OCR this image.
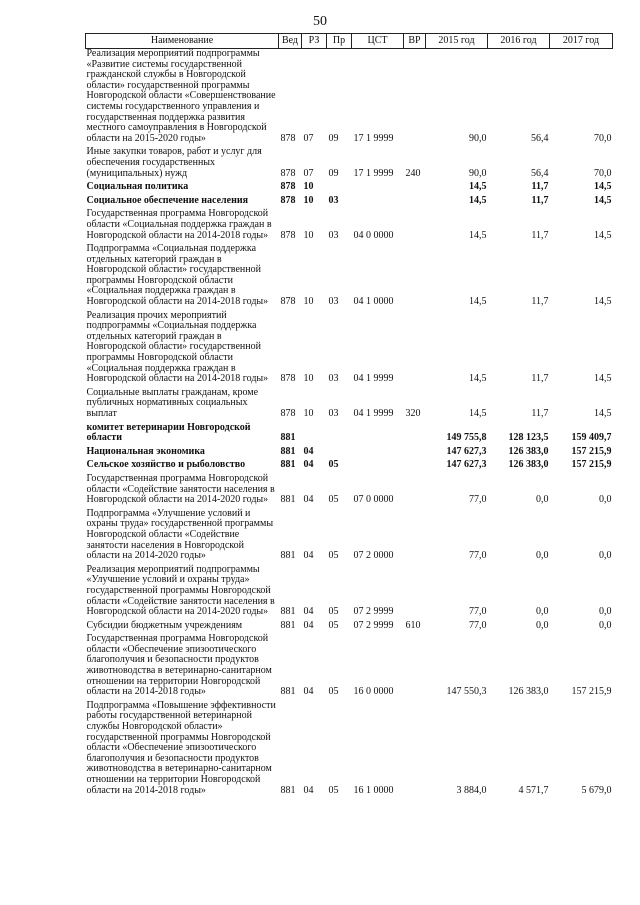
50
Наименование	Вед	РЗ	Пр	ЦСТ	ВР	2015 год	2016 год	2017 год
Реализация мероприятий подпрограммы «Развитие системы государственной гражданской службы в Новгородской области» государственной программы Новгородской области «Совершенствование системы государственного управления и государственная поддержка развития местного самоуправления в Новгородской области на 2015-2020 годы»	878	07	09	17 1 9999		90,0	56,4	70,0
Иные закупки товаров, работ и услуг для обеспечения государственных (муниципальных) нужд	878	07	09	17 1 9999	240	90,0	56,4	70,0
Социальная политика	878	10				14,5	11,7	14,5
Социальное обеспечение населения	878	10	03			14,5	11,7	14,5
Государственная программа Новгородской области «Социальная поддержка граждан в Новгородской области на 2014-2018 годы»	878	10	03	04 0 0000		14,5	11,7	14,5
Подпрограмма «Социальная поддержка отдельных категорий граждан в Новгородской области» государственной программы Новгородской области «Социальная поддержка граждан в Новгородской области на 2014-2018 годы»	878	10	03	04 1 0000		14,5	11,7	14,5
Реализация прочих мероприятий подпрограммы «Социальная поддержка отдельных категорий граждан в Новгородской области» государственной программы Новгородской области «Социальная поддержка граждан в Новгородской области на 2014-2018 годы»	878	10	03	04 1 9999		14,5	11,7	14,5
Социальные выплаты гражданам, кроме публичных нормативных социальных выплат	878	10	03	04 1 9999	320	14,5	11,7	14,5
комитет ветеринарии Новгородской области	881					149 755,8	128 123,5	159 409,7
Национальная экономика	881	04				147 627,3	126 383,0	157 215,9
Сельское хозяйство и рыболовство	881	04	05			147 627,3	126 383,0	157 215,9
Государственная программа Новгородской области «Содействие занятости населения в Новгородской области на 2014-2020 годы»	881	04	05	07 0 0000		77,0	0,0	0,0
Подпрограмма «Улучшение условий и охраны труда» государственной программы Новгородской области «Содействие занятости населения в Новгородской области на 2014-2020 годы»	881	04	05	07 2 0000		77,0	0,0	0,0
Реализация мероприятий подпрограммы «Улучшение условий и охраны труда» государственной программы Новгородской области «Содействие занятости населения в Новгородской области на 2014-2020 годы»	881	04	05	07 2 9999		77,0	0,0	0,0
Субсидии бюджетным учреждениям	881	04	05	07 2 9999	610	77,0	0,0	0,0
Государственная программа Новгородской области «Обеспечение эпизоотического благополучия и безопасности продуктов животноводства в ветеринарно-санитарном отношении на территории Новгородской области на 2014-2018 годы»	881	04	05	16 0 0000		147 550,3	126 383,0	157 215,9
Подпрограмма «Повышение эффективности работы государственной ветеринарной службы Новгородской области» государственной программы Новгородской области «Обеспечение эпизоотического благополучия и безопасности продуктов животноводства в ветеринарно-санитарном отношении на территории Новгородской области на 2014-2018 годы»	881	04	05	16 1 0000		3 884,0	4 571,7	5 679,0
